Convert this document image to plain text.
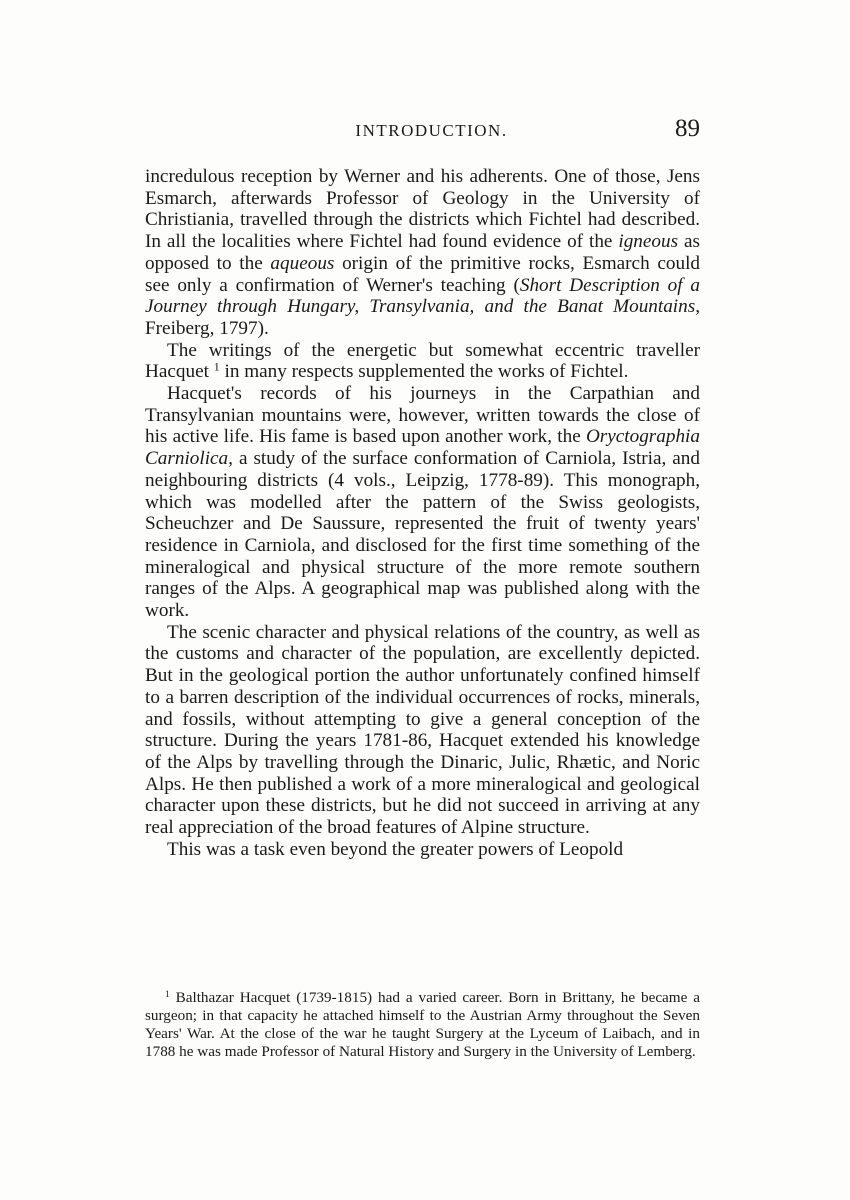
INTRODUCTION.	89

incredulous reception by Werner and his adherents. One of those, Jens Esmarch, afterwards Professor of Geology in the University of Christiania, travelled through the districts which Fichtel had described. In all the localities where Fichtel had found evidence of the igneous as opposed to the aqueous origin of the primitive rocks, Esmarch could see only a confirmation of Werner's teaching (Short Description of a Journey through Hungary, Transylvania, and the Banat Mountains, Freiberg, 1797).

The writings of the energetic but somewhat eccentric traveller Hacquet $^1$ in many respects supplemented the works of Fichtel.

Hacquet's records of his journeys in the Carpathian and Transylvanian mountains were, however, written towards the close of his active life. His fame is based upon another work, the Oryctographia Carniolica, a study of the surface conformation of Carniola, Istria, and neighbouring districts (4 vols., Leipzig, 1778-89). This monograph, which was modelled after the pattern of the Swiss geologists, Scheuchzer and De Saussure, represented the fruit of twenty years' residence in Carniola, and disclosed for the first time something of the mineralogical and physical structure of the more remote southern ranges of the Alps. A geographical map was published along with the work.

The scenic character and physical relations of the country, as well as the customs and character of the population, are excellently depicted. But in the geological portion the author unfortunately confined himself to a barren description of the individual occurrences of rocks, minerals, and fossils, without attempting to give a general conception of the structure. During the years 1781-86, Hacquet extended his knowledge of the Alps by travelling through the Dinaric, Julic, Rhætic, and Noric Alps. He then published a work of a more mineralogical and geological character upon these districts, but he did not succeed in arriving at any real appreciation of the broad features of Alpine structure.

This was a task even beyond the greater powers of Leopold

$^1$ Balthazar Hacquet (1739-1815) had a varied career. Born in Brittany, he became a surgeon; in that capacity he attached himself to the Austrian Army throughout the Seven Years' War. At the close of the war he taught Surgery at the Lyceum of Laibach, and in 1788 he was made Professor of Natural History and Surgery in the University of Lemberg.
